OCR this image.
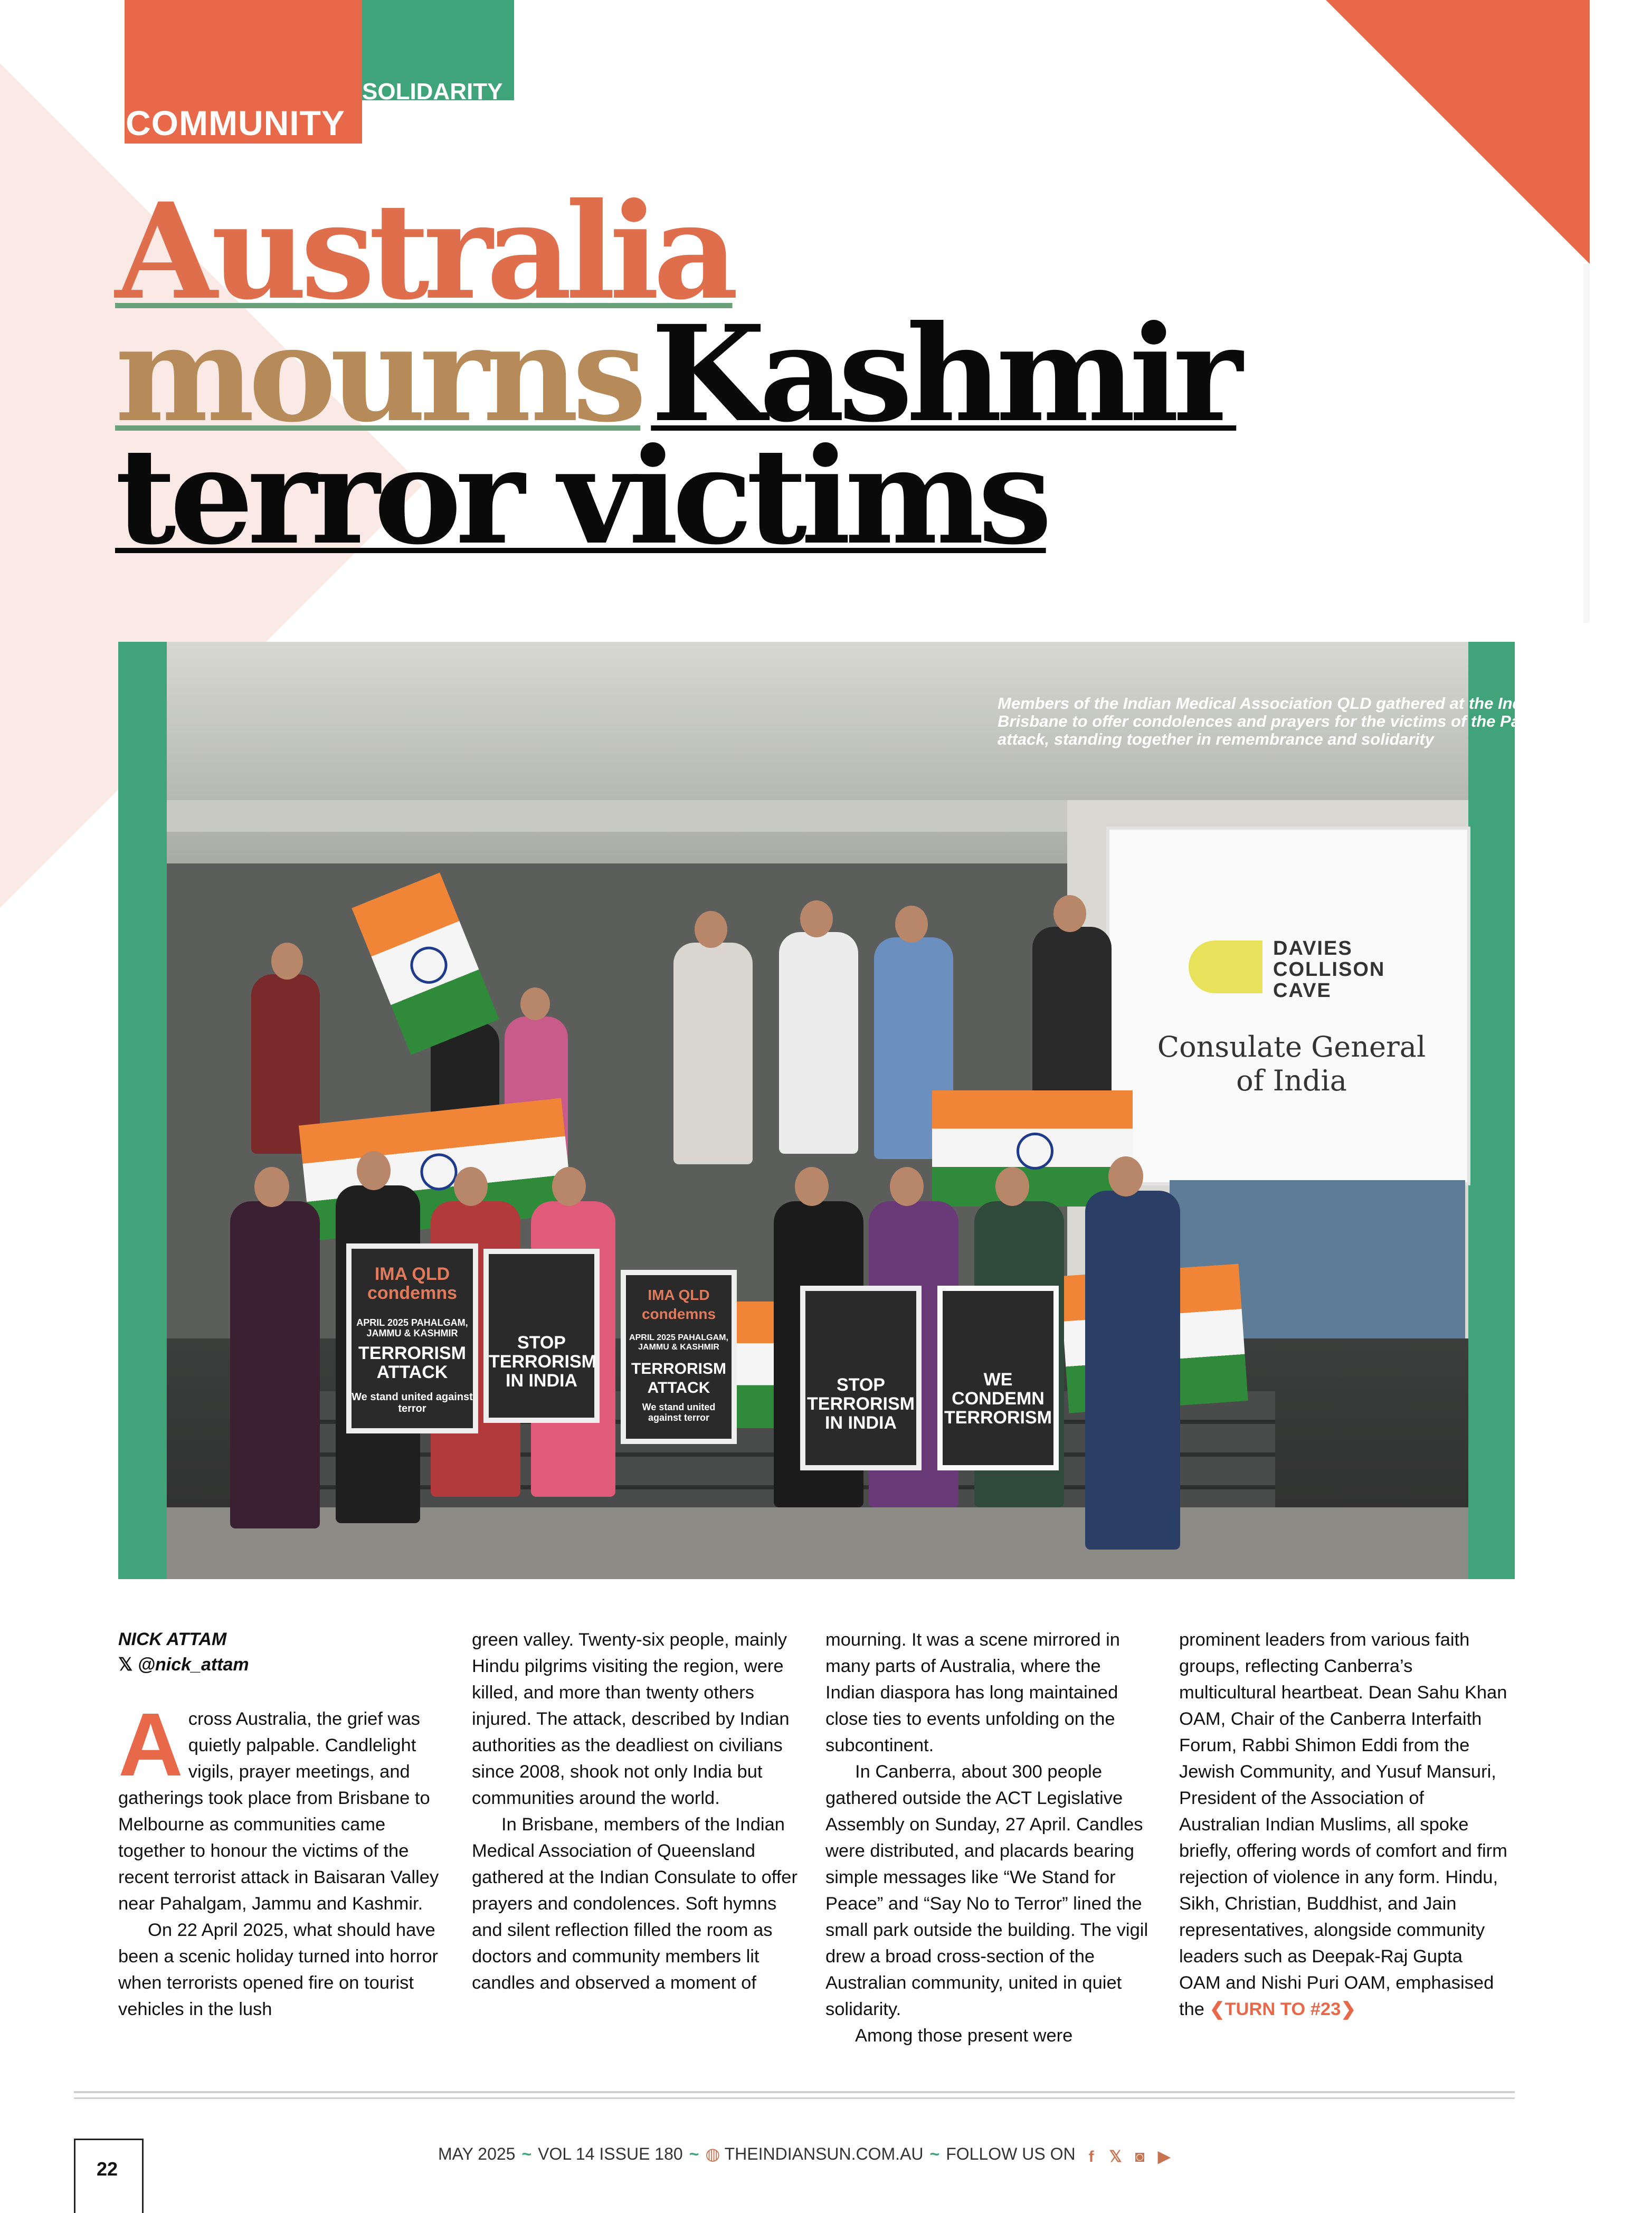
COMMUNITY
SOLIDARITY
Australia
mournsKashmir
terror victims
DAVIES
COLLISON
CAVE
Consulate General
of India
IMA QLD condemns
APRIL 2025 PAHALGAM, JAMMU & KASHMIR
TERRORISM ATTACK
We stand united against terror
STOP TERRORISM IN INDIA
IMA QLD condemns
APRIL 2025 PAHALGAM, JAMMU & KASHMIR
TERRORISM ATTACK
We stand united against terror
STOP TERRORISM IN INDIA
WE CONDEMN TERRORISM
Members of the Indian Medical Association QLD gathered at the Indian Consulate in Brisbane to offer condolences and prayers for the victims of the Pahalgam terrorist attack, standing together in remembrance and solidarity
NICK ATTAM
𝕏 @nick_attam
A cross Australia, the grief was quietly palpable. Candlelight vigils, prayer meetings, and gatherings took place from Brisbane to Melbourne as communities came together to honour the victims of the recent terrorist attack in Baisaran Valley near Pahalgam, Jammu and Kashmir.

On 22 April 2025, what should have been a scenic holiday turned into horror when terrorists opened fire on tourist vehicles in the lush

green valley. Twenty-six people, mainly Hindu pilgrims visiting the region, were killed, and more than twenty others injured. The attack, described by Indian authorities as the deadliest on civilians since 2008, shook not only India but communities around the world.

In Brisbane, members of the Indian Medical Association of Queensland gathered at the Indian Consulate to offer prayers and condolences. Soft hymns and silent reflection filled the room as doctors and community members lit candles and observed a moment of

mourning. It was a scene mirrored in many parts of Australia, where the Indian diaspora has long maintained close ties to events unfolding on the subcontinent.

In Canberra, about 300 people gathered outside the ACT Legislative Assembly on Sunday, 27 April. Candles were distributed, and placards bearing simple messages like “We Stand for Peace” and “Say No to Terror” lined the small park outside the building. The vigil drew a broad cross-section of the Australian community, united in quiet solidarity.

Among those present were

prominent leaders from various faith groups, reflecting Canberra’s multicultural heartbeat. Dean Sahu Khan OAM, Chair of the Canberra Interfaith Forum, Rabbi Shimon Eddi from the Jewish Community, and Yusuf Mansuri, President of the Association of Australian Indian Muslims, all spoke briefly, offering words of comfort and firm rejection of violence in any form. Hindu, Sikh, Christian, Buddhist, and Jain representatives, alongside community leaders such as Deepak-Raj Gupta OAM and Nishi Puri OAM, emphasised the ❮TURN TO #23❯

22
MAY 2025 ~ VOL 14 ISSUE 180 ~ ◍ THEINDIANSUN.COM.AU ~ FOLLOW US ON f 𝕏 ◙ ▶
